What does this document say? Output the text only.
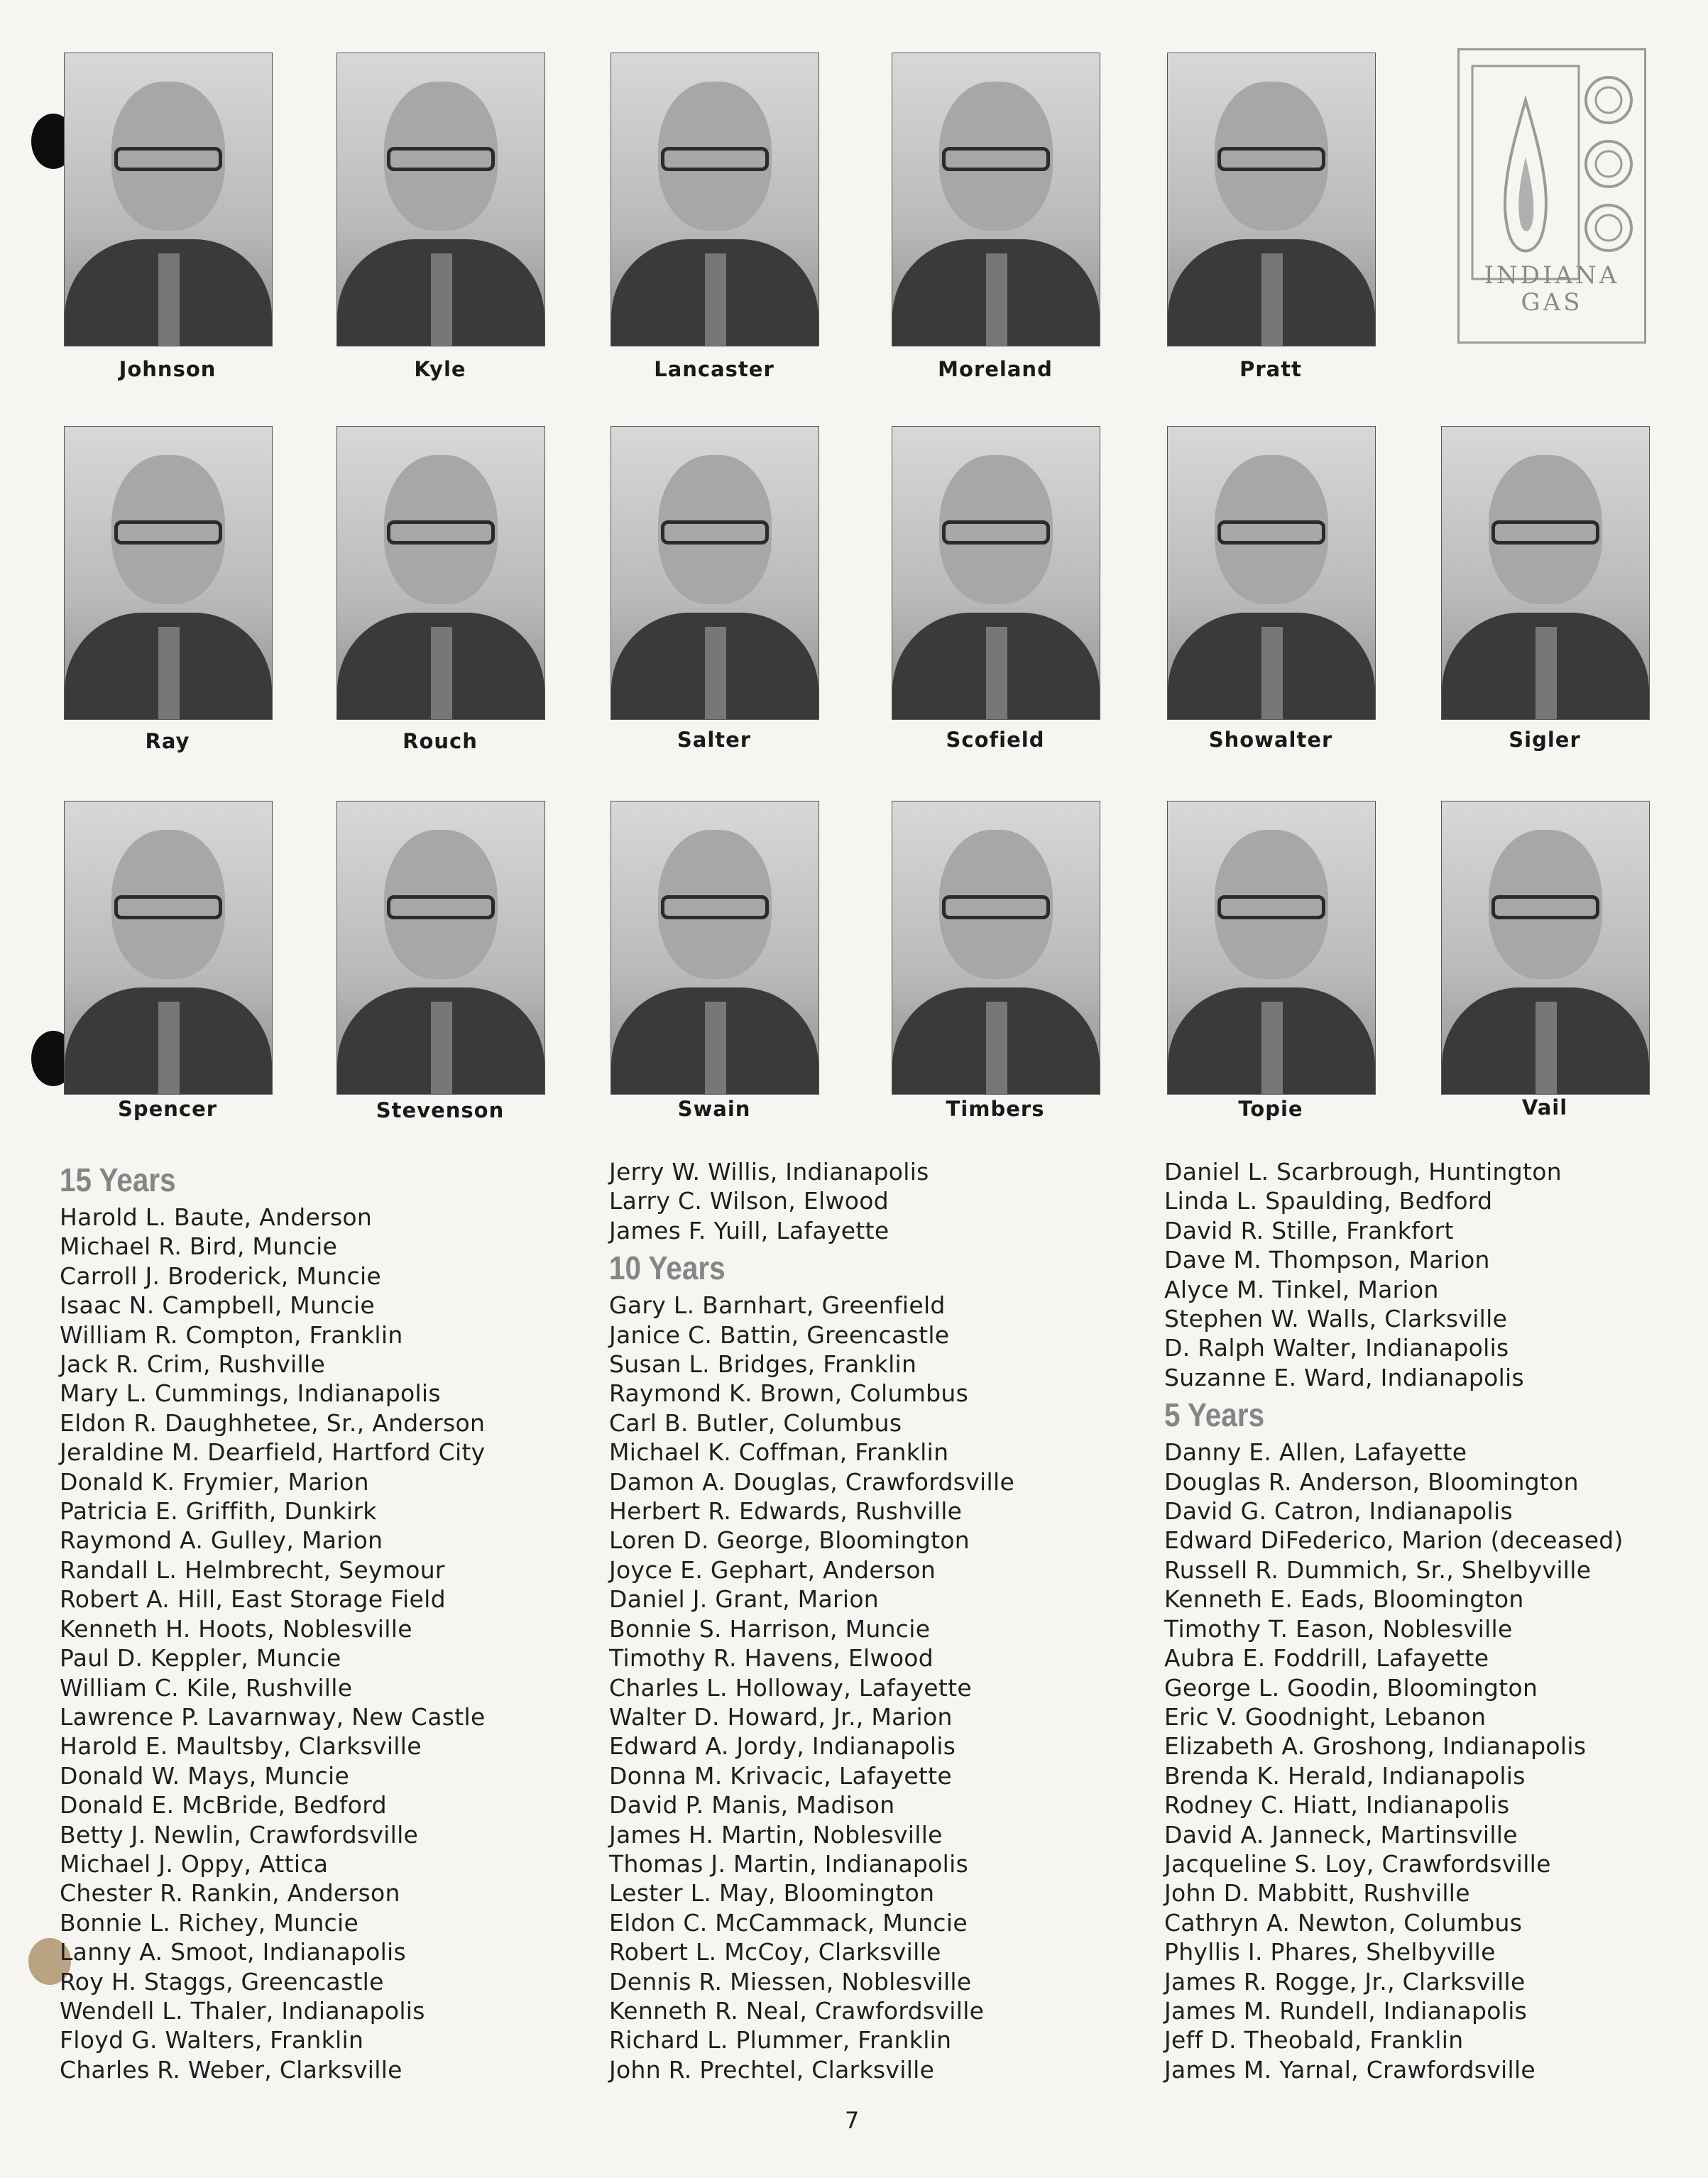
Johnson	Kyle	Lancaster	Moreland	Pratt
INDIANA
GAS
Ray	Rouch	Salter	Scofield	Showalter	Sigler
Spencer	Stevenson	Swain	Timbers	Topie	Vail
15 Years
Harold L. Baute, Anderson
Michael R. Bird, Muncie
Carroll J. Broderick, Muncie
Isaac N. Campbell, Muncie
William R. Compton, Franklin
Jack R. Crim, Rushville
Mary L. Cummings, Indianapolis
Eldon R. Daughhetee, Sr., Anderson
Jeraldine M. Dearfield, Hartford City
Donald K. Frymier, Marion
Patricia E. Griffith, Dunkirk
Raymond A. Gulley, Marion
Randall L. Helmbrecht, Seymour
Robert A. Hill, East Storage Field
Kenneth H. Hoots, Noblesville
Paul D. Keppler, Muncie
William C. Kile, Rushville
Lawrence P. Lavarnway, New Castle
Harold E. Maultsby, Clarksville
Donald W. Mays, Muncie
Donald E. McBride, Bedford
Betty J. Newlin, Crawfordsville
Michael J. Oppy, Attica
Chester R. Rankin, Anderson
Bonnie L. Richey, Muncie
Lanny A. Smoot, Indianapolis
Roy H. Staggs, Greencastle
Wendell L. Thaler, Indianapolis
Floyd G. Walters, Franklin
Charles R. Weber, Clarksville
Jerry W. Willis, Indianapolis
Larry C. Wilson, Elwood
James F. Yuill, Lafayette
10 Years
Gary L. Barnhart, Greenfield
Janice C. Battin, Greencastle
Susan L. Bridges, Franklin
Raymond K. Brown, Columbus
Carl B. Butler, Columbus
Michael K. Coffman, Franklin
Damon A. Douglas, Crawfordsville
Herbert R. Edwards, Rushville
Loren D. George, Bloomington
Joyce E. Gephart, Anderson
Daniel J. Grant, Marion
Bonnie S. Harrison, Muncie
Timothy R. Havens, Elwood
Charles L. Holloway, Lafayette
Walter D. Howard, Jr., Marion
Edward A. Jordy, Indianapolis
Donna M. Krivacic, Lafayette
David P. Manis, Madison
James H. Martin, Noblesville
Thomas J. Martin, Indianapolis
Lester L. May, Bloomington
Eldon C. McCammack, Muncie
Robert L. McCoy, Clarksville
Dennis R. Miessen, Noblesville
Kenneth R. Neal, Crawfordsville
Richard L. Plummer, Franklin
John R. Prechtel, Clarksville
Daniel L. Scarbrough, Huntington
Linda L. Spaulding, Bedford
David R. Stille, Frankfort
Dave M. Thompson, Marion
Alyce M. Tinkel, Marion
Stephen W. Walls, Clarksville
D. Ralph Walter, Indianapolis
Suzanne E. Ward, Indianapolis
5 Years
Danny E. Allen, Lafayette
Douglas R. Anderson, Bloomington
David G. Catron, Indianapolis
Edward DiFederico, Marion (deceased)
Russell R. Dummich, Sr., Shelbyville
Kenneth E. Eads, Bloomington
Timothy T. Eason, Noblesville
Aubra E. Foddrill, Lafayette
George L. Goodin, Bloomington
Eric V. Goodnight, Lebanon
Elizabeth A. Groshong, Indianapolis
Brenda K. Herald, Indianapolis
Rodney C. Hiatt, Indianapolis
David A. Janneck, Martinsville
Jacqueline S. Loy, Crawfordsville
John D. Mabbitt, Rushville
Cathryn A. Newton, Columbus
Phyllis I. Phares, Shelbyville
James R. Rogge, Jr., Clarksville
James M. Rundell, Indianapolis
Jeff D. Theobald, Franklin
James M. Yarnal, Crawfordsville
7
